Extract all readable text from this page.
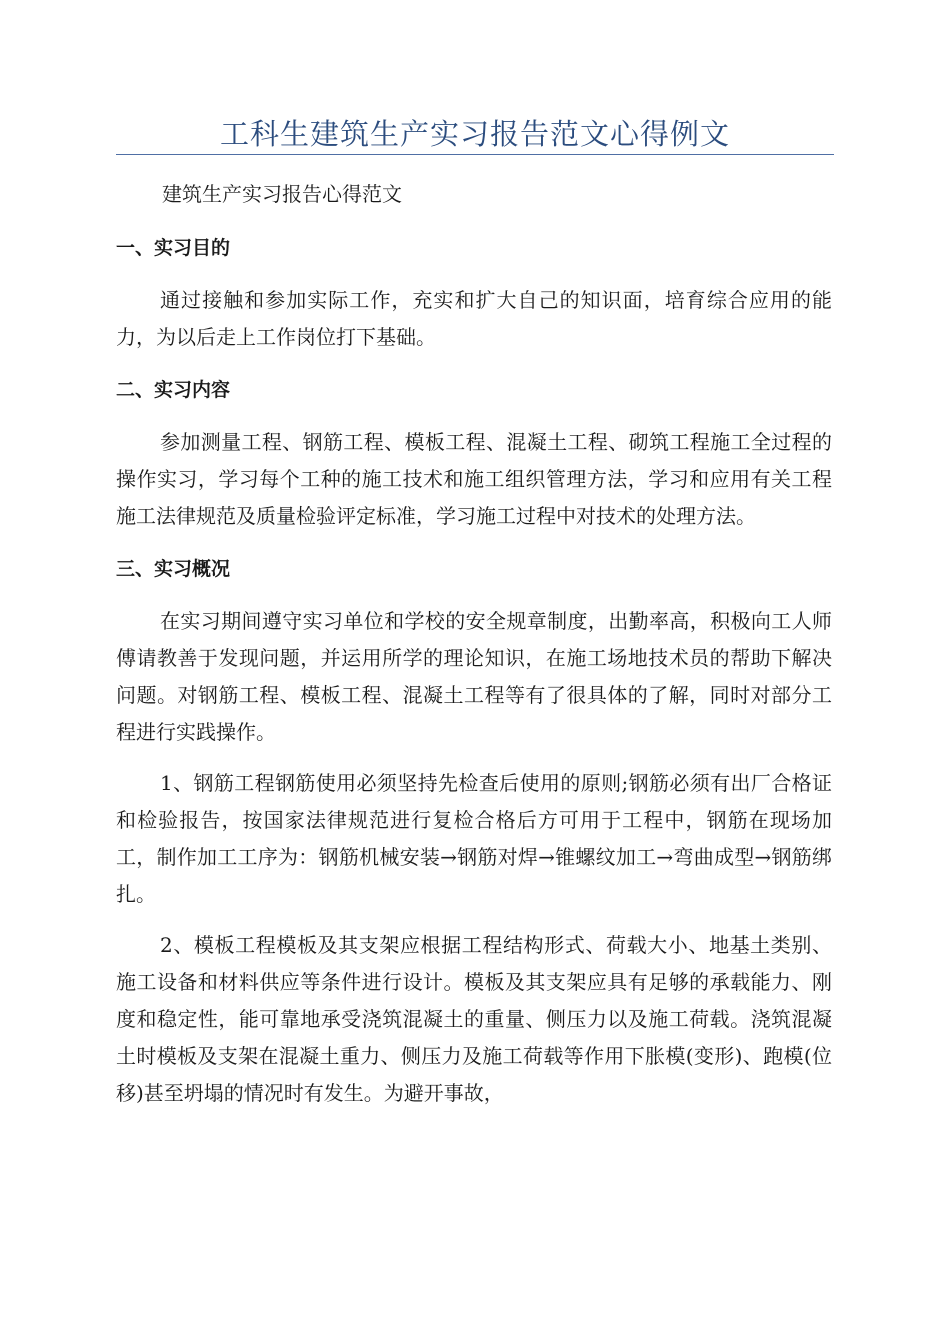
工科生建筑生产实习报告范文心得例文

建筑生产实习报告心得范文

一、实习目的

通过接触和参加实际工作，充实和扩大自己的知识面，培育综合应用的能力，为以后走上工作岗位打下基础。

二、实习内容

参加测量工程、钢筋工程、模板工程、混凝土工程、砌筑工程施工全过程的操作实习，学习每个工种的施工技术和施工组织管理方法，学习和应用有关工程施工法律规范及质量检验评定标准，学习施工过程中对技术的处理方法。

三、实习概况

在实习期间遵守实习单位和学校的安全规章制度，出勤率高，积极向工人师傅请教善于发现问题，并运用所学的理论知识，在施工场地技术员的帮助下解决问题。对钢筋工程、模板工程、混凝土工程等有了很具体的了解，同时对部分工程进行实践操作。

1、钢筋工程钢筋使用必须坚持先检查后使用的原则;钢筋必须有出厂合格证和检验报告，按国家法律规范进行复检合格后方可用于工程中，钢筋在现场加工，制作加工工序为：钢筋机械安装→钢筋对焊→锥螺纹加工→弯曲成型→钢筋绑扎。

2、模板工程模板及其支架应根据工程结构形式、荷载大小、地基土类别、施工设备和材料供应等条件进行设计。模板及其支架应具有足够的承载能力、刚度和稳定性，能可靠地承受浇筑混凝土的重量、侧压力以及施工荷载。浇筑混凝土时模板及支架在混凝土重力、侧压力及施工荷载等作用下胀模(变形)、跑模(位移)甚至坍塌的情况时有发生。为避开事故，
